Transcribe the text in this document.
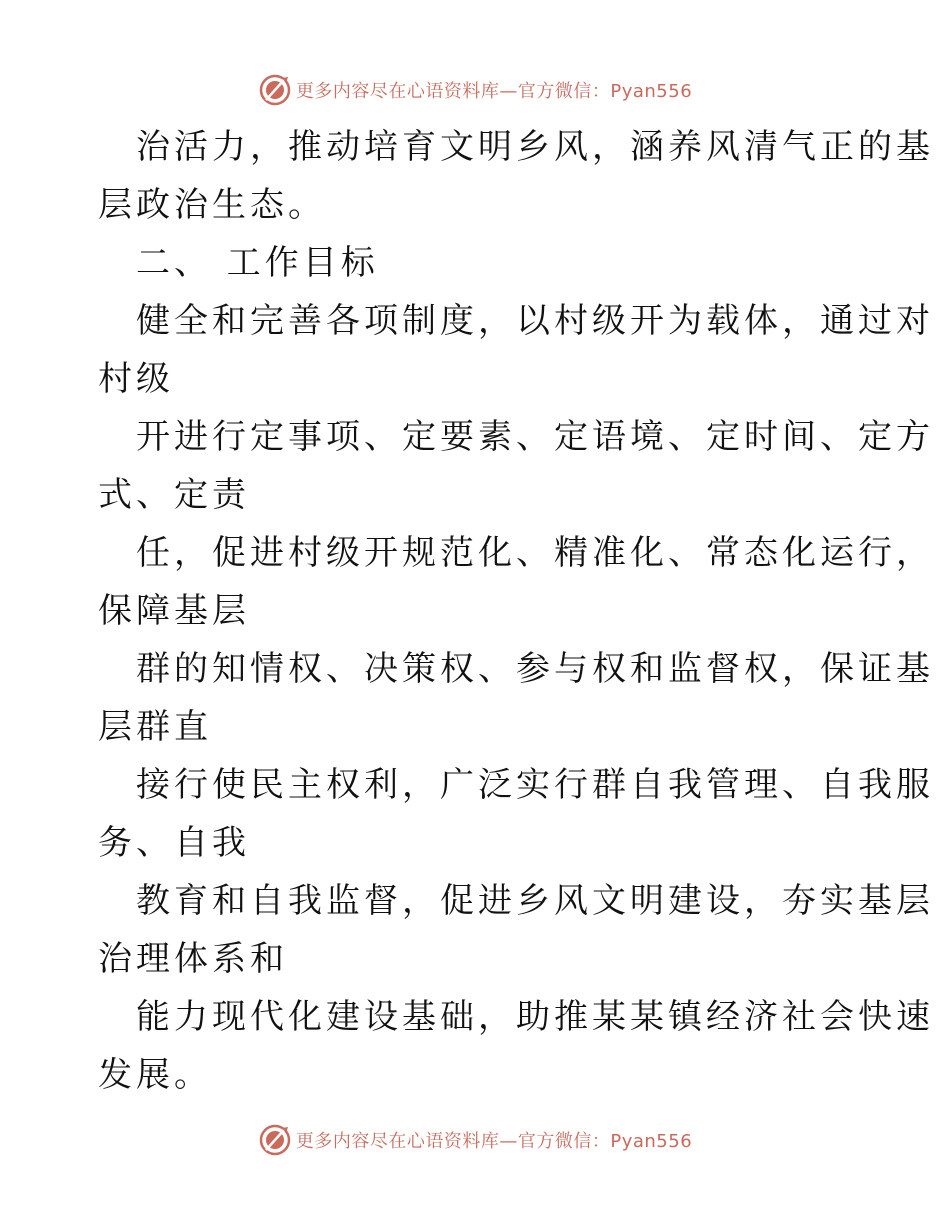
更多内容尽在心语资料库—官方微信：Pyan556
治活力，推动培育文明乡风，涵养风清气正的基
层政治生态。
二、 工作目标
健全和完善各项制度，以村级开为载体，通过对
村级
开进行定事项、定要素、定语境、定时间、定方
式、定责
任，促进村级开规范化、精准化、常态化运行，
保障基层
群的知情权、决策权、参与权和监督权，保证基
层群直
接行使民主权利，广泛实行群自我管理、自我服
务、自我
教育和自我监督，促进乡风文明建设，夯实基层
治理体系和
能力现代化建设基础，助推某某镇经济社会快速
发展。
更多内容尽在心语资料库—官方微信：Pyan556
